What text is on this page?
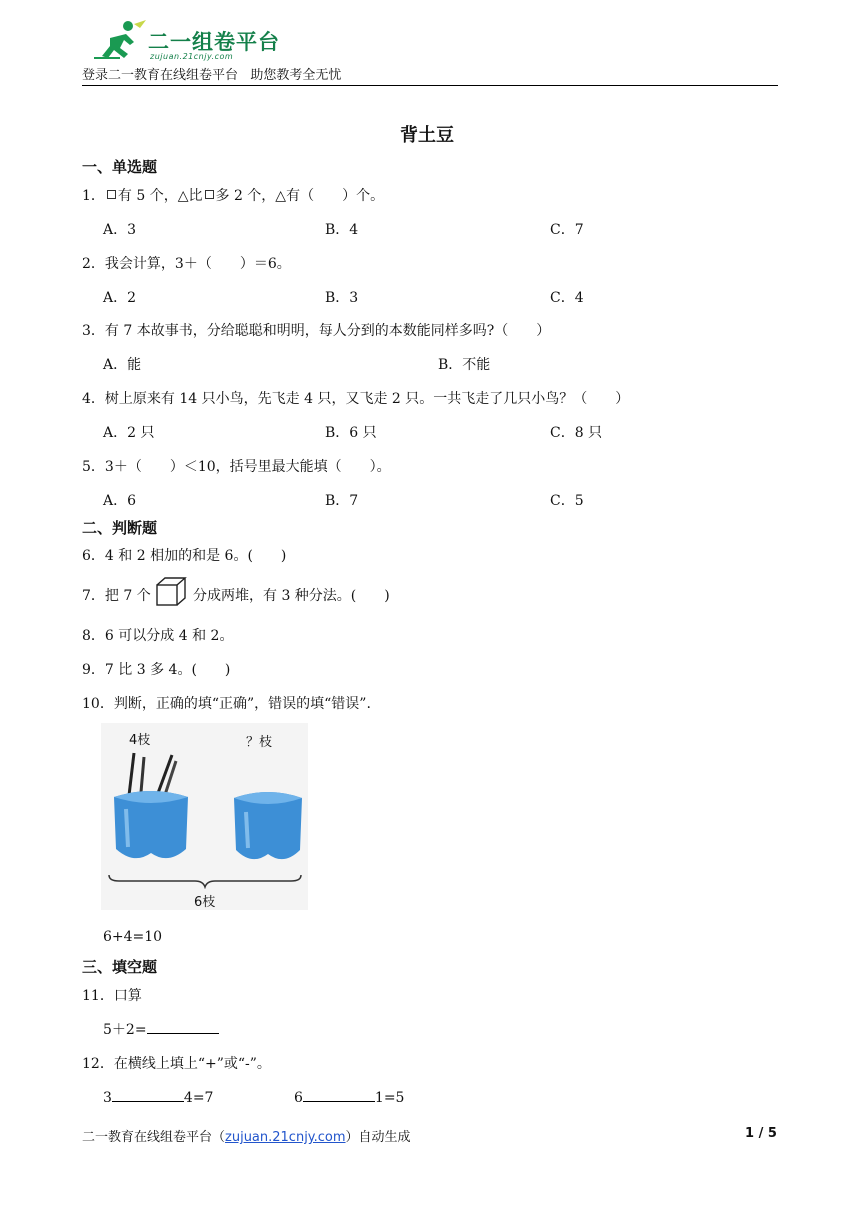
二一组卷平台
zujuan.21cnjy.com
登录二一教育在线组卷平台   助您教考全无忧
背土豆
一、单选题
1． 有 5 个，△比 多 2 个，△有（　　）个。
A．3	B．4	C．7
2．我会计算，3＋（　　）＝6。
A．2	B．3	C．4
3．有 7 本故事书，分给聪聪和明明，每人分到的本数能同样多吗?（　　）
A．能	B．不能
4．树上原来有 14 只小鸟，先飞走 4 只，又飞走 2 只。一共飞走了几只小鸟？（　　）
A．2 只	B．6 只	C．8 只
5．3＋（　　）＜10，括号里最大能填（　　）。
A．6	B．7	C．5
二、判断题
6．4 和 2 相加的和是 6。(　　)
7．把 7 个	分成两堆，有 3 种分法。(　　)
8．6 可以分成 4 和 2。
9．7 比 3 多 4。(　　)
10．判断，正确的填“正确”，错误的填“错误”.
4枝	？枝
6枝
6+4=10
三、填空题
11．口算
5＋2=
12．在横线上填上“+”或“-”。
3	4=7	6	1=5
二一教育在线组卷平台（zujuan.21cnjy.com）自动生成	1 / 5
